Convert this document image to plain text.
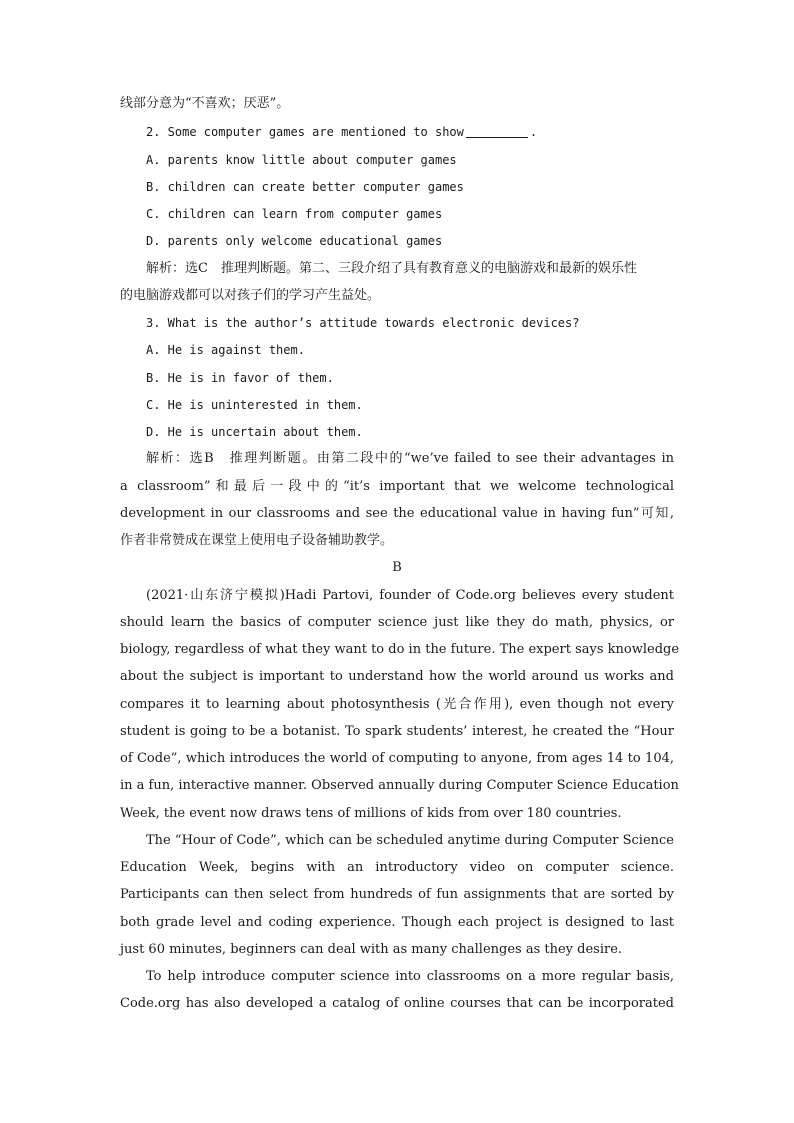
线部分意为“不喜欢；厌恶”。
2. Some computer games are mentioned to show	.
A. parents know little about computer games
B. children can create better computer games
C. children can learn from computer games
D. parents only welcome educational games
解析：选C　推理判断题。第二、三段介绍了具有教育意义的电脑游戏和最新的娱乐性
的电脑游戏都可以对孩子们的学习产生益处。
3. What is the author’s attitude towards electronic devices?
A. He is against them.
B. He is in favor of them.
C. He is uninterested in them.
D. He is uncertain about them.
解析：选B　推理判断题。由第二段中的“we’ve failed to see their advantages in
a classroom”和最后一段中的“it’s important that we welcome technological
development in our classrooms and see the educational value in having fun”可知,
作者非常赞成在课堂上使用电子设备辅助教学。
B
(2021·山东济宁模拟)Hadi Partovi, founder of Code.org believes every student
should learn the basics of computer science just like they do math, physics, or
biology, regardless of what they want to do in the future. The expert says knowledge
about the subject is important to understand how the world around us works and
compares it to learning about photosynthesis (光合作用), even though not every
student is going to be a botanist. To spark students’ interest, he created the “Hour
of Code”, which introduces the world of computing to anyone, from ages 14 to 104,
in a fun, interactive manner. Observed annually during Computer Science Education
Week, the event now draws tens of millions of kids from over 180 countries.
The “Hour of Code”, which can be scheduled anytime during Computer Science
Education Week, begins with an introductory video on computer science.
Participants can then select from hundreds of fun assignments that are sorted by
both grade level and coding experience. Though each project is designed to last
just 60 minutes, beginners can deal with as many challenges as they desire.
To help introduce computer science into classrooms on a more regular basis,
Code.org has also developed a catalog of online courses that can be incorporated
